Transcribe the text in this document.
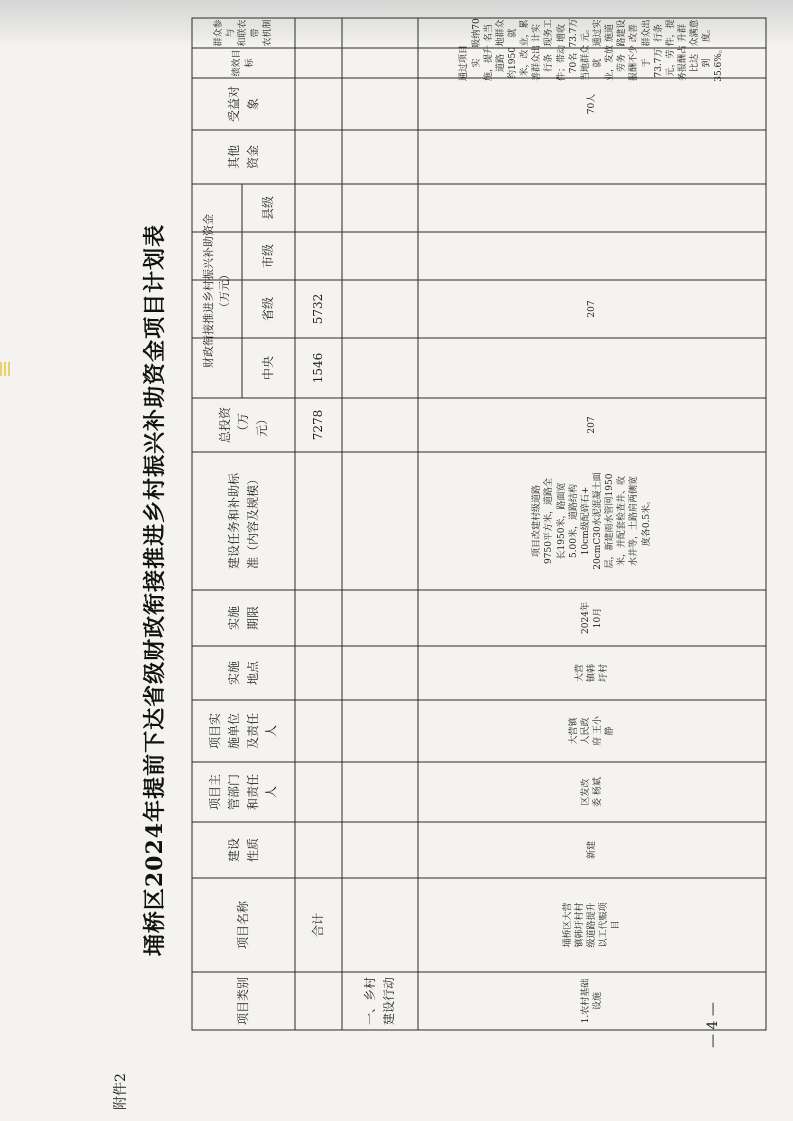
附件2
埇桥区2024年提前下达省级财政衔接推进乡村振兴补助资金项目计划表
— 4 —
项目类别
项目名称
建设
性质
项目主
管部门
和责任
人
项目实
施单位
及责任
人
实施
地点
实施
期限
建设任务和补助标
准（内容及规模）
总投资
（万
元）
财政衔接推进乡村振兴补助资金
（万元）
中央
省级
市级
县级
其他
资金
受益对
象
绩效目标
群众参与
和联农带
农机制
合计
7278
1546
5732
一、乡村
建设行动	1.农村基础
设施
埇桥区大营
镇韩圩村村
级道路提升
以工代赈项
目
新建
区发改
委 杨斌
大营镇
人民政
府 王小
静
大营
镇韩
圩村
2024年
10月
项目改建村级道路
9750平方米，道路全
长1950米，路面宽
5.00米，道路结构
10cm级配碎石+
20cmC30水泥混凝土面
层，新建雨水管网1950
米，并配套检查井、收
水井等，土路肩两侧宽
度各0.5米。
207
207
70人
通过项目实
施，提升道路
约1950米，改
善群众出行条
件；带动70名
当地群众就
业，发放劳务
报酬不少于
73.7万元，劳
务报酬占比达
到35.6%。
吸纳70名当
地群众就
业，累计实
现务工增收
73.7万元。
通过实施道
路建设改善
群众出行条
件，提升群
众满意度。
